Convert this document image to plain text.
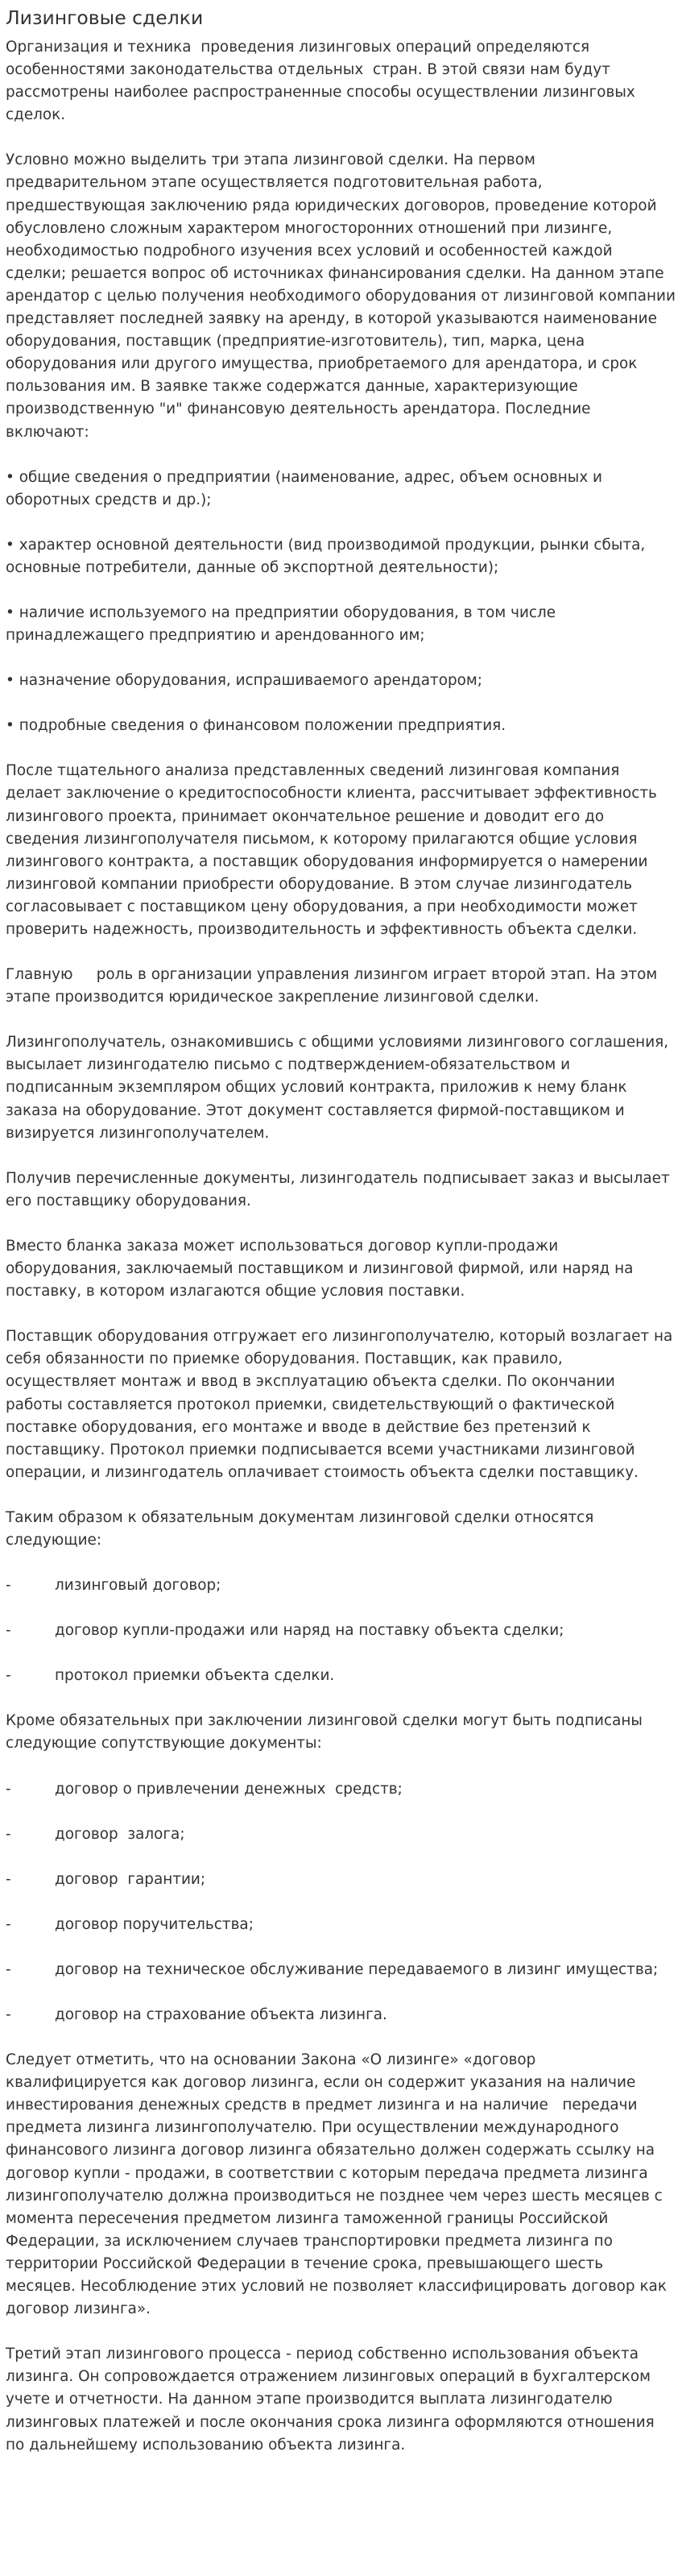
Лизинговые сделки

Организация и техника  проведения лизинговых операций определяются особенностями законодательства отдельных  стран. В этой связи нам будут рассмотрены наиболее распространенные способы осуществлении лизинговых сделок.

Условно можно выделить три этапа лизинговой сделки. На первом предварительном этапе осуществляется подготовительная работа, предшествующая заключению ряда юридических договоров, проведение которой обусловлено сложным характером многосторонних отношений при лизинге, необходимостью подробного изучения всех условий и особенностей каждой сделки; решается вопрос об источниках финансирования сделки. На данном этапе арендатор с целью получения необходимого оборудования от лизинговой компании представляет последней заявку на аренду, в которой указываются наименование оборудования, поставщик (предприятие-изготовитель), тип, марка, цена оборудования или другого имущества, приобретаемого для арендатора, и срок пользования им. В заявке также содержатся данные, характеризующие производственную "и" финансовую деятельность арендатора. Последние включают:

• общие сведения о предприятии (наименование, адрес, объем основных и оборотных средств и др.);

• характер основной деятельности (вид производимой продукции, рынки сбыта, основные потребители, данные об экспортной деятельности);

• наличие используемого на предприятии оборудования, в том числе принадлежащего предприятию и арендованного им;

• назначение оборудования, испрашиваемого арендатором;

• подробные сведения о финансовом положении предприятия.

После тщательного анализа представленных сведений лизинговая компания делает заключение о кредитоспособности клиента, рассчитывает эффективность лизингового проекта, принимает окончательное решение и доводит его до сведения лизингополучателя письмом, к которому прилагаются общие условия лизингового контракта, а поставщик оборудования информируется о намерении лизинговой компании приобрести оборудование. В этом случае лизингодатель согласовывает с поставщиком цену оборудования, а при необходимости может проверить надежность, производительность и эффективность объекта сделки.

Главную     роль в организации управления лизингом играет второй этап. На этом этапе производится юридическое закрепление лизинговой сделки.

Лизингополучатель, ознакомившись с общими условиями лизингового соглашения, высылает лизингодателю письмо с подтверждением-обязательством и подписанным экземпляром общих условий контракта, приложив к нему бланк заказа на оборудование. Этот документ составляется фирмой-поставщиком и визируется лизингополучателем.

Получив перечисленные документы, лизингодатель подписывает заказ и высылает его поставщику оборудования.

Вместо бланка заказа может использоваться договор купли-продажи оборудования, заключаемый поставщиком и лизинговой фирмой, или наряд на поставку, в котором излагаются общие условия поставки.

Поставщик оборудования отгружает его лизингополучателю, который возлагает на себя обязанности по приемке оборудования. Поставщик, как правило, осуществляет монтаж и ввод в эксплуатацию объекта сделки. По окончании работы составляется протокол приемки, свидетельствующий о фактической поставке оборудования, его монтаже и вводе в действие без претензий к поставщику. Протокол приемки подписывается всеми участниками лизинговой операции, и лизингодатель оплачивает стоимость объекта сделки поставщику.

Таким образом к обязательным документам лизинговой сделки относятся следующие:

-	лизинговый договор;

-	договор купли-продажи или наряд на поставку объекта сделки;

-	протокол приемки объекта сделки.

Кроме обязательных при заключении лизинговой сделки могут быть подписаны следующие сопутствующие документы:

-	договор о привлечении денежных  средств;

-	договор  залога;

-	договор  гарантии;

-	договор поручительства;

-	договор на техническое обслуживание передаваемого в лизинг имущества;

-	договор на страхование объекта лизинга.

Следует отметить, что на основании Закона «О лизинге» «договор квалифицируется как договор лизинга, если он содержит указания на наличие инвестирования денежных средств в предмет лизинга и на наличие   передачи предмета лизинга лизингополучателю. При осуществлении международного финансового лизинга договор лизинга обязательно должен содержать ссылку на договор купли - продажи, в соответствии с которым передача предмета лизинга лизингополучателю должна производиться не позднее чем через шесть месяцев с момента пересечения предметом лизинга таможенной границы Российской Федерации, за исключением случаев транспортировки предмета лизинга по территории Российской Федерации в течение срока, превышающего шесть месяцев. Несоблюдение этих условий не позволяет классифицировать договор как договор лизинга».

Третий этап лизингового процесса - период собственно использования объекта лизинга. Он сопровождается отражением лизинговых операций в бухгалтерском учете и отчетности. На данном этапе производится выплата лизингодателю лизинговых платежей и после окончания срока лизинга оформляются отношения по дальнейшему использованию объекта лизинга.
